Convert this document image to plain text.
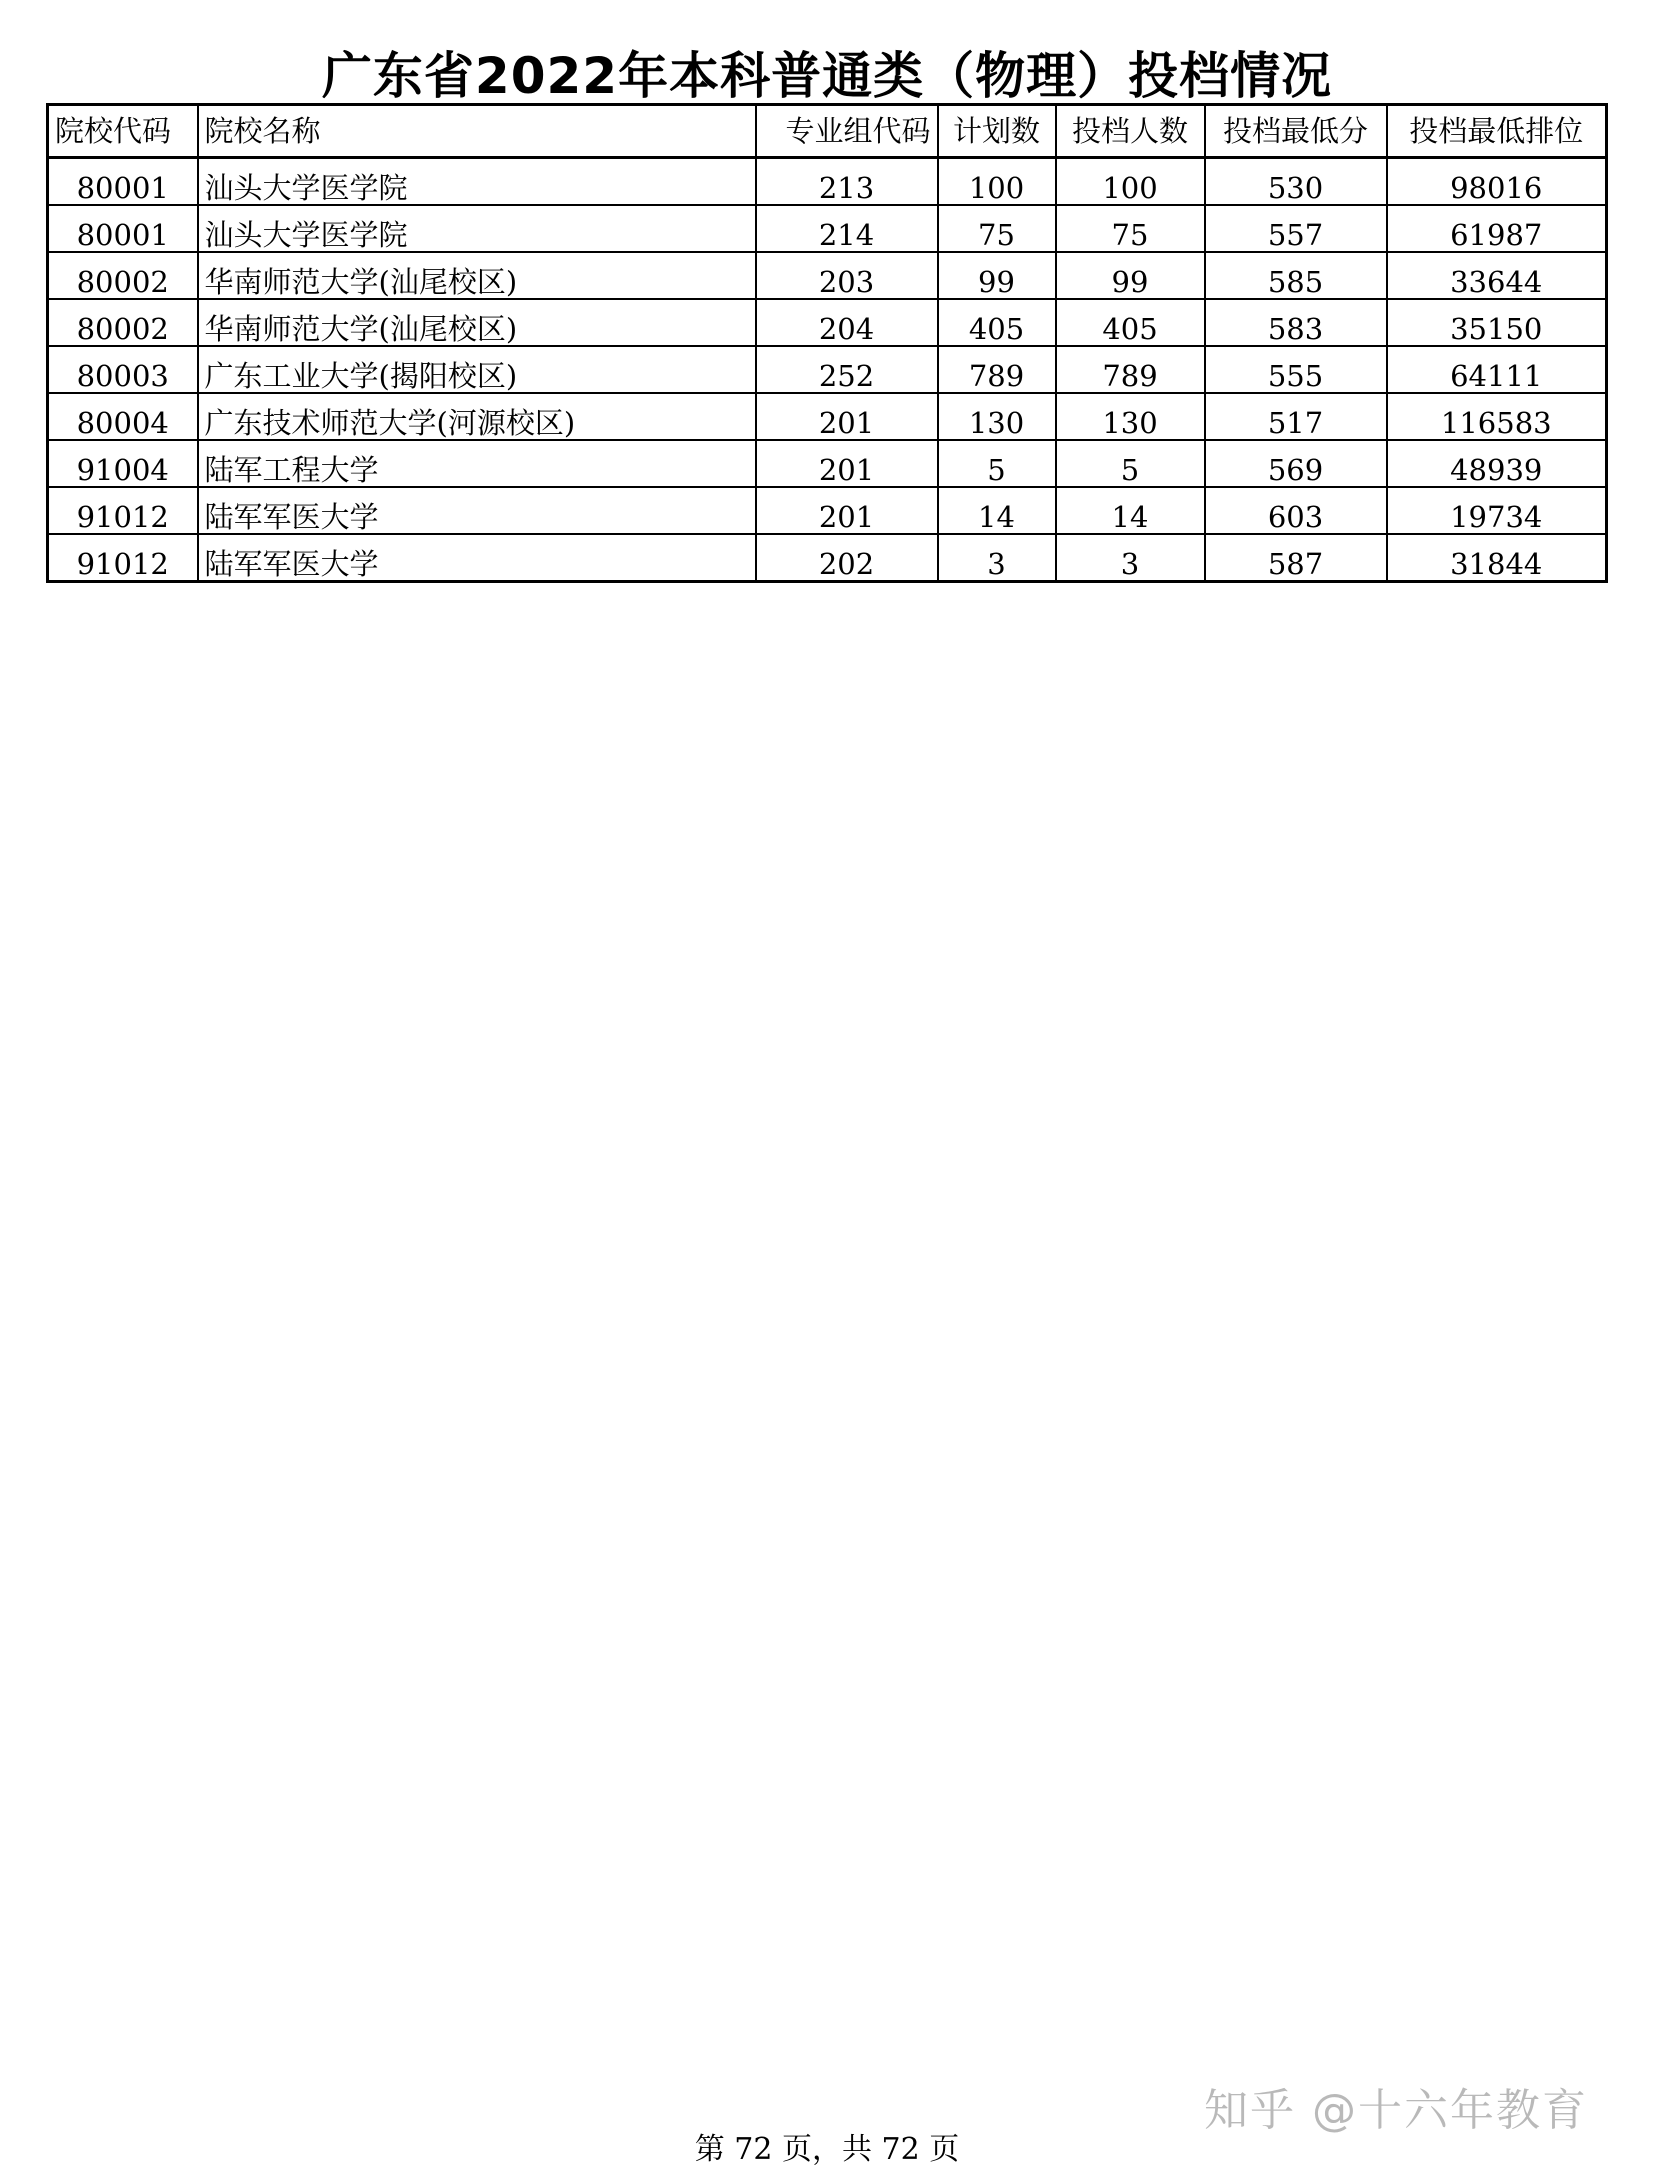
广东省2022年本科普通类（物理）投档情况
院校代码	院校名称	专业组代码	计划数	投档人数	投档最低分	投档最低排位
80001	汕头大学医学院	213	100	100	530	98016
80001	汕头大学医学院	214	75	75	557	61987
80002	华南师范大学(汕尾校区)	203	99	99	585	33644
80002	华南师范大学(汕尾校区)	204	405	405	583	35150
80003	广东工业大学(揭阳校区)	252	789	789	555	64111
80004	广东技术师范大学(河源校区)	201	130	130	517	116583
91004	陆军工程大学	201	5	5	569	48939
91012	陆军军医大学	201	14	14	603	19734
91012	陆军军医大学	202	3	3	587	31844
知乎 @十六年教育
第 72 页，共 72 页
